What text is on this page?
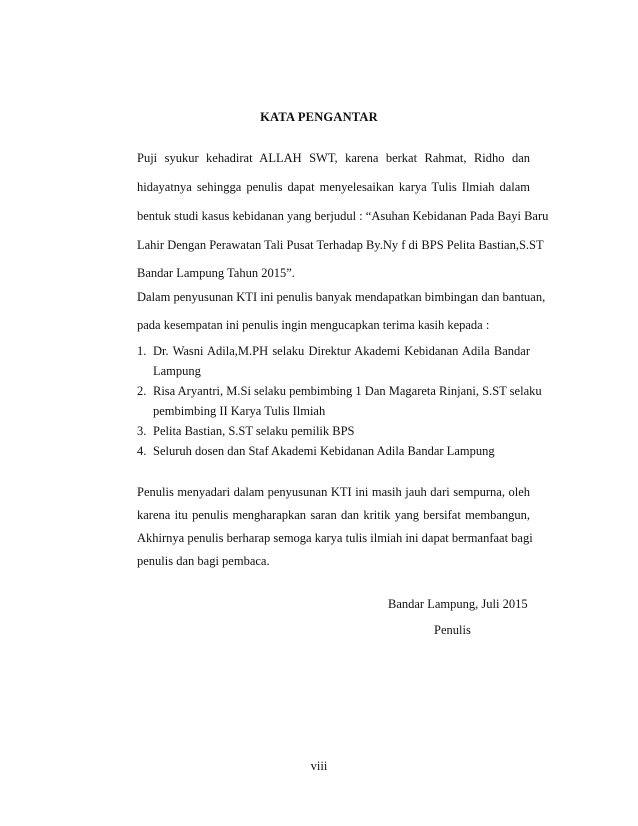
KATA PENGANTAR
Puji syukur kehadirat ALLAH SWT, karena berkat Rahmat, Ridho dan
hidayatnya sehingga penulis dapat menyelesaikan karya Tulis Ilmiah dalam
bentuk studi kasus kebidanan yang berjudul : “Asuhan Kebidanan Pada Bayi Baru
Lahir Dengan Perawatan Tali Pusat Terhadap By.Ny f di BPS Pelita Bastian,S.ST
Bandar Lampung Tahun 2015”.
Dalam penyusunan KTI ini penulis banyak mendapatkan bimbingan dan bantuan,
pada kesempatan ini penulis ingin mengucapkan terima kasih kepada :
1. Dr. Wasni Adila,M.PH selaku Direktur Akademi Kebidanan Adila Bandar
Lampung
2. Risa Aryantri, M.Si selaku pembimbing 1 Dan Magareta Rinjani, S.ST selaku
pembimbing II Karya Tulis Ilmiah
3. Pelita Bastian, S.ST selaku pemilik BPS
4. Seluruh dosen dan Staf Akademi Kebidanan Adila Bandar Lampung
Penulis menyadari dalam penyusunan KTI ini masih jauh dari sempurna, oleh
karena itu penulis mengharapkan saran dan kritik yang bersifat membangun,
Akhirnya penulis berharap semoga karya tulis ilmiah ini dapat bermanfaat bagi
penulis dan bagi pembaca.
Bandar Lampung, Juli 2015
Penulis
viii
